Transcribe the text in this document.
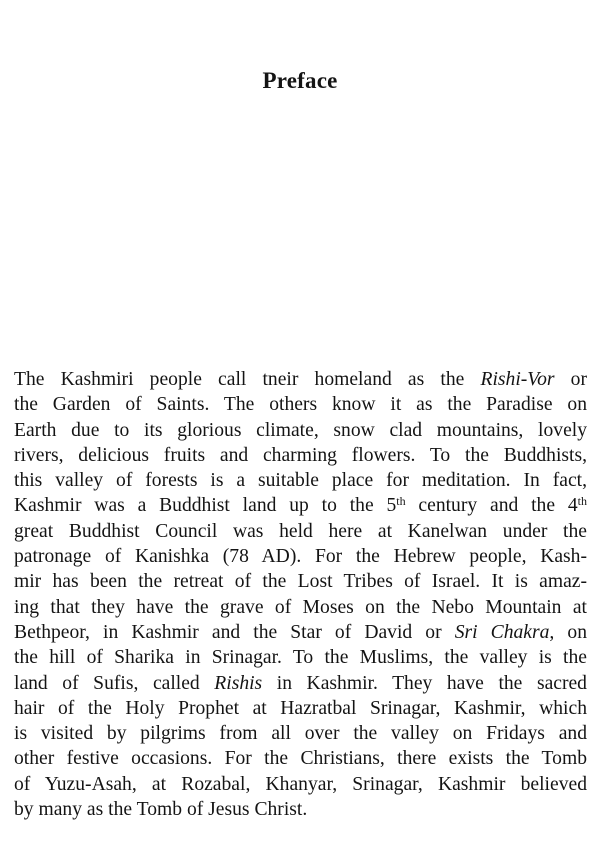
Preface
The Kashmiri people call tneir homeland as the Rishi-Vor or
the Garden of Saints. The others know it as the Paradise on
Earth due to its glorious climate, snow clad mountains, lovely
rivers, delicious fruits and charming flowers. To the Buddhists,
this valley of forests is a suitable place for meditation. In fact,
Kashmir was a Buddhist land up to the 5th century and the 4th
great Buddhist Council was held here at Kanelwan under the
patronage of Kanishka (78 AD). For the Hebrew people, Kash-
mir has been the retreat of the Lost Tribes of Israel. It is amaz-
ing that they have the grave of Moses on the Nebo Mountain at
Bethpeor, in Kashmir and the Star of David or Sri Chakra, on
the hill of Sharika in Srinagar. To the Muslims, the valley is the
land of Sufis, called Rishis in Kashmir. They have the sacred
hair of the Holy Prophet at Hazratbal Srinagar, Kashmir, which
is visited by pilgrims from all over the valley on Fridays and
other festive occasions. For the Christians, there exists the Tomb
of Yuzu-Asah, at Rozabal, Khanyar, Srinagar, Kashmir believed
by many as the Tomb of Jesus Christ.
